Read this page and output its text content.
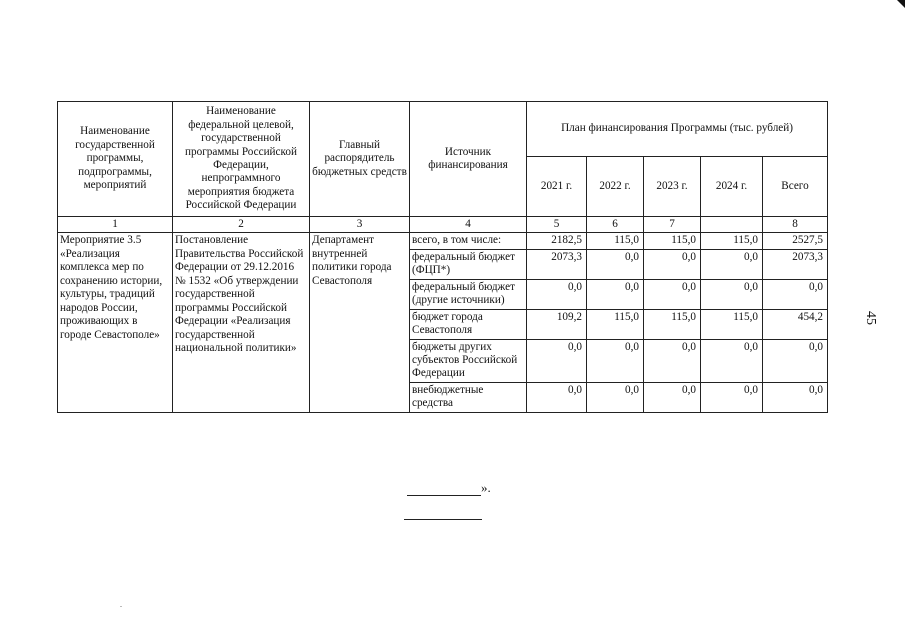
Наименование государственной программы, подпрограммы, мероприятий	Наименование федеральной целевой, государственной программы Российской Федерации, непрограммного мероприятия бюджета Российской Федерации	Главный распорядитель бюджетных средств	Источник финансирования	План финансирования Программы (тыс. рублей)				
				2021 г.	2022 г.	2023 г.	2024 г.	Всего
1	2	3	4	5	6	7		8
Мероприятие 3.5 «Реализация комплекса мер по сохранению истории, культуры, традиций народов России, проживающих в городе Севастополе»	Постановление Правительства Российской Федерации от 29.12.2016 № 1532 «Об утверждении государственной программы Российской Федерации «Реализация государственной национальной политики»	Департамент внутренней политики города Севастополя	всего, в том числе:	2182,5	115,0	115,0	115,0	2527,5
			федеральный бюджет (ФЦП*)	2073,3	0,0	0,0	0,0	2073,3
			федеральный бюджет (другие источники)	0,0	0,0	0,0	0,0	0,0
			бюджет города Севастополя	109,2	115,0	115,0	115,0	454,2
			бюджеты других субъектов Российской Федерации	0,0	0,0	0,0	0,0	0,0
			внебюджетные средства	0,0	0,0	0,0	0,0	0,0
».
45
